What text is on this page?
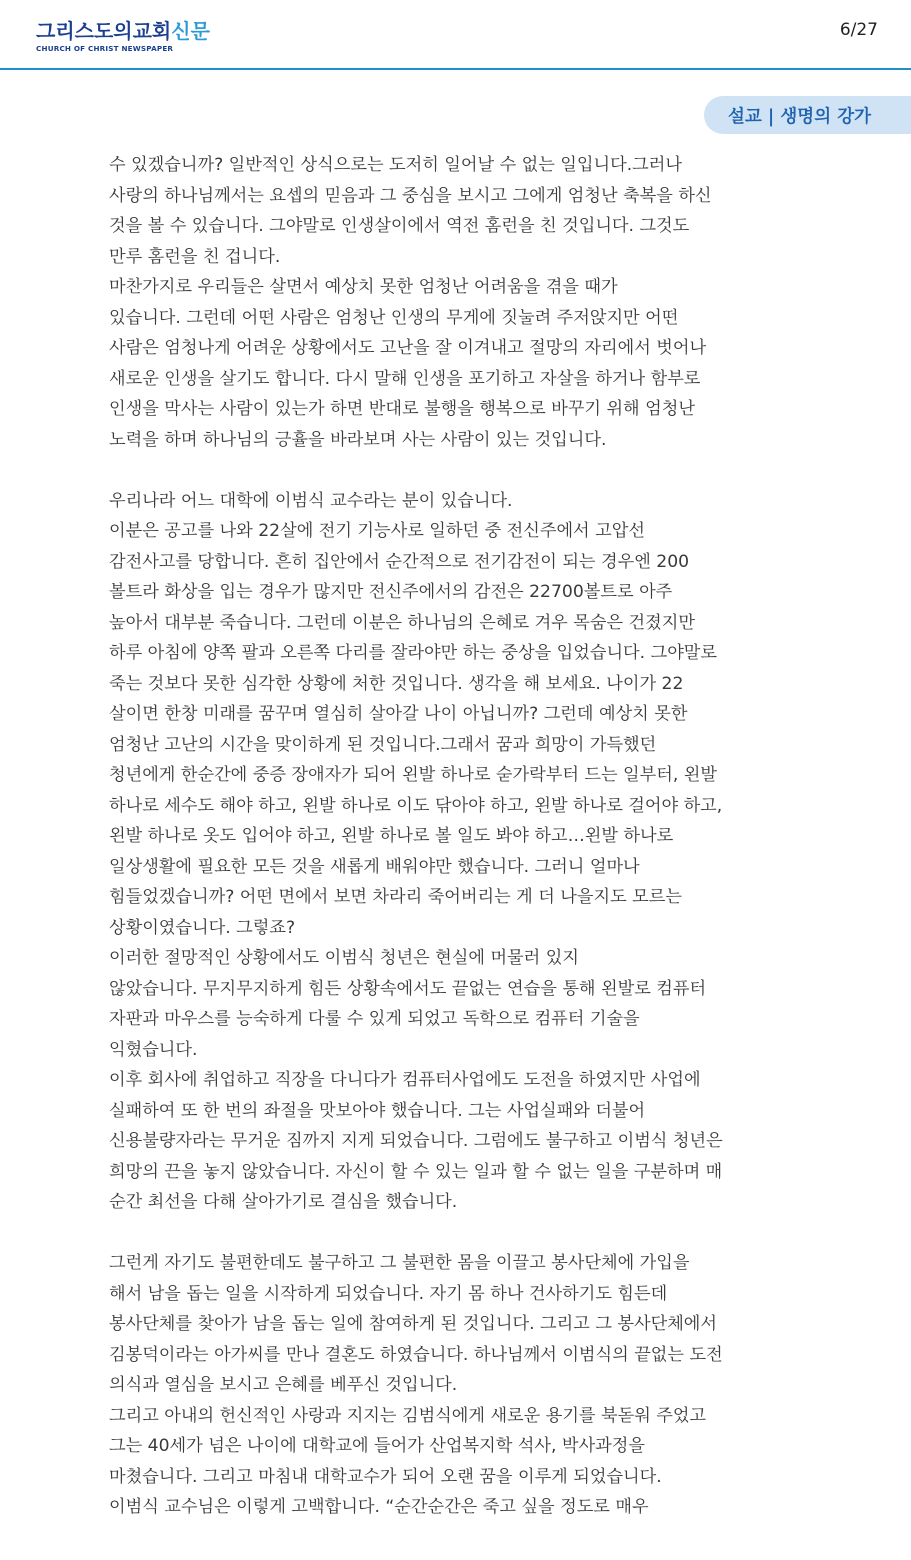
그리스도의교회신문
CHURCH OF CHRIST NEWSPAPER
6/27
설교 | 생명의 강가
수 있겠습니까? 일반적인 상식으로는 도저히 일어날 수 없는 일입니다.그러나
사랑의 하나님께서는 요셉의 믿음과 그 중심을 보시고 그에게 엄청난 축복을 하신
것을 볼 수 있습니다. 그야말로 인생살이에서 역전 홈런을 친 것입니다. 그것도
만루 홈런을 친 겁니다.
마찬가지로 우리들은 살면서 예상치 못한 엄청난 어려움을 겪을 때가
있습니다. 그런데 어떤 사람은 엄청난 인생의 무게에 짓눌려 주저앉지만 어떤
사람은 엄청나게 어려운 상황에서도 고난을 잘 이겨내고 절망의 자리에서 벗어나
새로운 인생을 살기도 합니다. 다시 말해 인생을 포기하고 자살을 하거나 함부로
인생을 막사는 사람이 있는가 하면 반대로 불행을 행복으로 바꾸기 위해 엄청난
노력을 하며 하나님의 긍휼을 바라보며 사는 사람이 있는 것입니다.
우리나라 어느 대학에 이범식 교수라는 분이 있습니다.
이분은 공고를 나와 22살에 전기 기능사로 일하던 중 전신주에서 고압선
감전사고를 당합니다. 흔히 집안에서 순간적으로 전기감전이 되는 경우엔 200
볼트라 화상을 입는 경우가 많지만 전신주에서의 감전은 22700볼트로 아주
높아서 대부분 죽습니다. 그런데 이분은 하나님의 은혜로 겨우 목숨은 건졌지만
하루 아침에 양쪽 팔과 오른쪽 다리를 잘라야만 하는 중상을 입었습니다. 그야말로
죽는 것보다 못한 심각한 상황에 처한 것입니다. 생각을 해 보세요. 나이가 22
살이면 한창 미래를 꿈꾸며 열심히 살아갈 나이 아닙니까? 그런데 예상치 못한
엄청난 고난의 시간을 맞이하게 된 것입니다.그래서 꿈과 희망이 가득했던
청년에게 한순간에 중증 장애자가 되어 왼발 하나로 숟가락부터 드는 일부터, 왼발
하나로 세수도 해야 하고, 왼발 하나로 이도 닦아야 하고, 왼발 하나로 걸어야 하고,
왼발 하나로 옷도 입어야 하고, 왼발 하나로 볼 일도 봐야 하고…왼발 하나로
일상생활에 필요한 모든 것을 새롭게 배워야만 했습니다. 그러니 얼마나
힘들었겠습니까? 어떤 면에서 보면 차라리 죽어버리는 게 더 나을지도 모르는
상황이였습니다. 그렇죠?
이러한 절망적인 상황에서도 이범식 청년은 현실에 머물러 있지
않았습니다. 무지무지하게 힘든 상황속에서도 끝없는 연습을 통해 왼발로 컴퓨터
자판과 마우스를 능숙하게 다룰 수 있게 되었고 독학으로 컴퓨터 기술을
익혔습니다.
이후 회사에 취업하고 직장을 다니다가 컴퓨터사업에도 도전을 하였지만 사업에
실패하여 또 한 번의 좌절을 맛보아야 했습니다. 그는 사업실패와 더불어
신용불량자라는 무거운 짐까지 지게 되었습니다. 그럼에도 불구하고 이범식 청년은
희망의 끈을 놓지 않았습니다. 자신이 할 수 있는 일과 할 수 없는 일을 구분하며 매
순간 최선을 다해 살아가기로 결심을 했습니다.
그런게 자기도 불편한데도 불구하고 그 불편한 몸을 이끌고 봉사단체에 가입을
해서 남을 돕는 일을 시작하게 되었습니다. 자기 몸 하나 건사하기도 힘든데
봉사단체를 찾아가 남을 돕는 일에 참여하게 된 것입니다. 그리고 그 봉사단체에서
김봉덕이라는 아가씨를 만나 결혼도 하였습니다. 하나님께서 이범식의 끝없는 도전
의식과 열심을 보시고 은혜를 베푸신 것입니다.
그리고 아내의 헌신적인 사랑과 지지는 김범식에게 새로운 용기를 북돋워 주었고
그는 40세가 넘은 나이에 대학교에 들어가 산업복지학 석사, 박사과정을
마쳤습니다. 그리고 마침내 대학교수가 되어 오랜 꿈을 이루게 되었습니다.
이범식 교수님은 이렇게 고백합니다. “순간순간은 죽고 싶을 정도로 매우
